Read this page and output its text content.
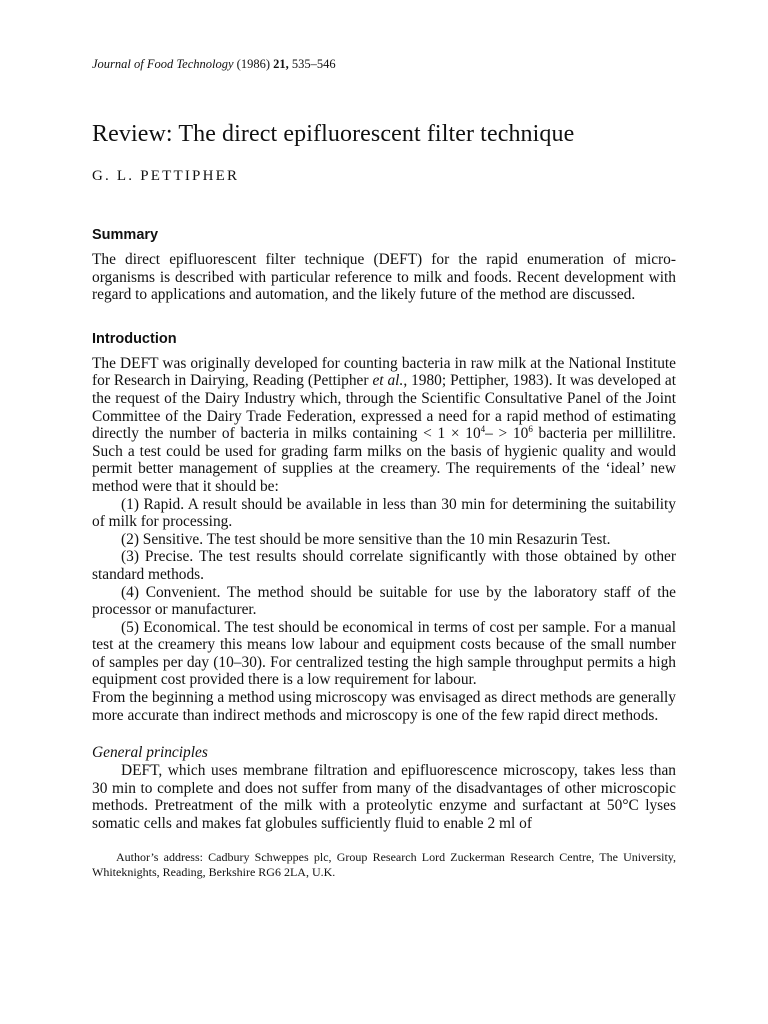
Journal of Food Technology (1986) 21, 535–546

Review: The direct epifluorescent filter technique

G. L. PETTIPHER

Summary

The direct epifluorescent filter technique (DEFT) for the rapid enumeration of micro-organisms is described with particular reference to milk and foods. Recent development with regard to applications and automation, and the likely future of the method are discussed.

Introduction

The DEFT was originally developed for counting bacteria in raw milk at the National Institute for Research in Dairying, Reading (Pettipher et al., 1980; Pettipher, 1983). It was developed at the request of the Dairy Industry which, through the Scientific Consultative Panel of the Joint Committee of the Dairy Trade Federation, expressed a need for a rapid method of estimating directly the number of bacteria in milks containing < $1 \times 10^4- > 10^6$ bacteria per millilitre. Such a test could be used for grading farm milks on the basis of hygienic quality and would permit better management of supplies at the creamery. The requirements of the ‘ideal’ new method were that it should be:

(1) Rapid. A result should be available in less than 30 min for determining the suitability of milk for processing.

(2) Sensitive. The test should be more sensitive than the 10 min Resazurin Test.

(3) Precise. The test results should correlate significantly with those obtained by other standard methods.

(4) Convenient. The method should be suitable for use by the laboratory staff of the processor or manufacturer.

(5) Economical. The test should be economical in terms of cost per sample. For a manual test at the creamery this means low labour and equipment costs because of the small number of samples per day (10–30). For centralized testing the high sample throughput permits a high equipment cost provided there is a low requirement for labour.

From the beginning a method using microscopy was envisaged as direct methods are generally more accurate than indirect methods and microscopy is one of the few rapid direct methods.

General principles

DEFT, which uses membrane filtration and epifluorescence microscopy, takes less than 30 min to complete and does not suffer from many of the disadvantages of other microscopic methods. Pretreatment of the milk with a proteolytic enzyme and surfactant at 50°C lyses somatic cells and makes fat globules sufficiently fluid to enable 2 ml of

Author’s address: Cadbury Schweppes plc, Group Research Lord Zuckerman Research Centre, The University, Whiteknights, Reading, Berkshire RG6 2LA, U.K.
